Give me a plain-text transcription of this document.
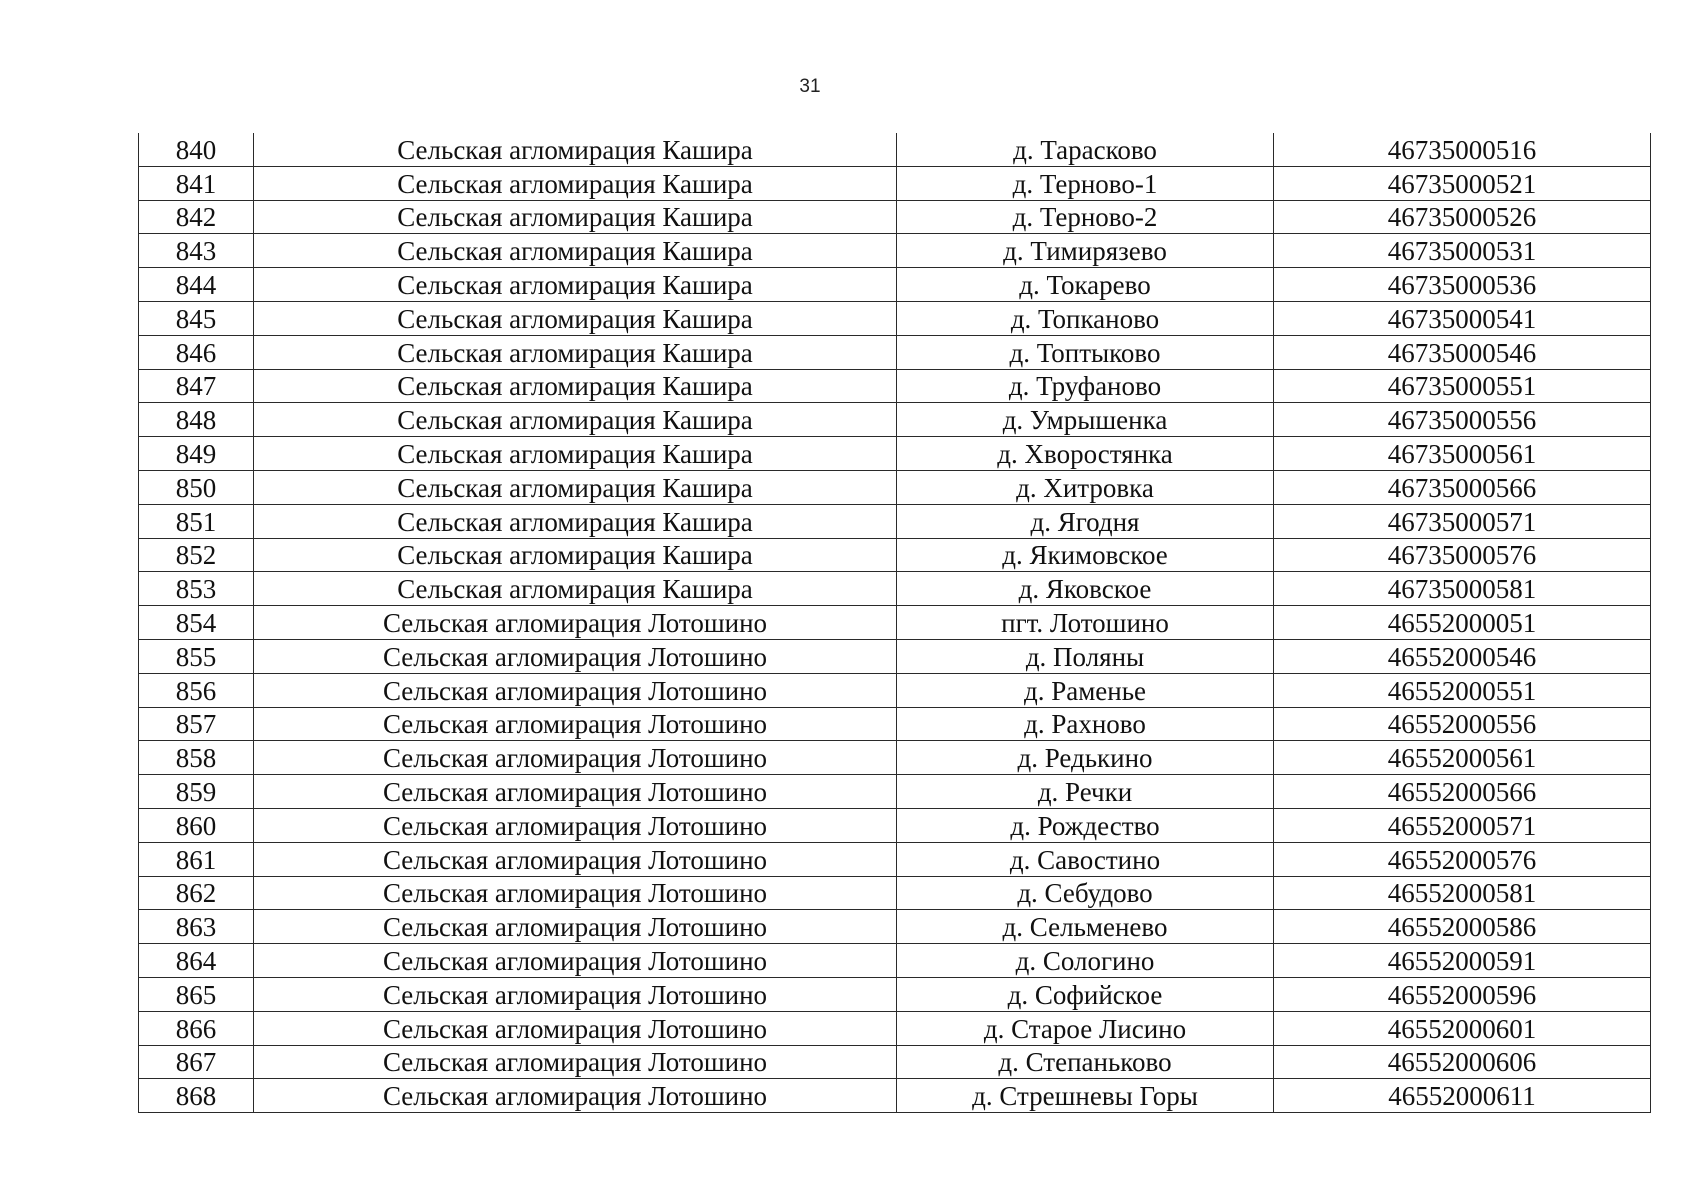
31
840	Сельская агломирация Кашира	д. Тарасково	46735000516
841	Сельская агломирация Кашира	д. Терново-1	46735000521
842	Сельская агломирация Кашира	д. Терново-2	46735000526
843	Сельская агломирация Кашира	д. Тимирязево	46735000531
844	Сельская агломирация Кашира	д. Токарево	46735000536
845	Сельская агломирация Кашира	д. Топканово	46735000541
846	Сельская агломирация Кашира	д. Топтыково	46735000546
847	Сельская агломирация Кашира	д. Труфаново	46735000551
848	Сельская агломирация Кашира	д. Умрышенка	46735000556
849	Сельская агломирация Кашира	д. Хворостянка	46735000561
850	Сельская агломирация Кашира	д. Хитровка	46735000566
851	Сельская агломирация Кашира	д. Ягодня	46735000571
852	Сельская агломирация Кашира	д. Якимовское	46735000576
853	Сельская агломирация Кашира	д. Яковское	46735000581
854	Сельская агломирация Лотошино	пгт. Лотошино	46552000051
855	Сельская агломирация Лотошино	д. Поляны	46552000546
856	Сельская агломирация Лотошино	д. Раменье	46552000551
857	Сельская агломирация Лотошино	д. Рахново	46552000556
858	Сельская агломирация Лотошино	д. Редькино	46552000561
859	Сельская агломирация Лотошино	д. Речки	46552000566
860	Сельская агломирация Лотошино	д. Рождество	46552000571
861	Сельская агломирация Лотошино	д. Савостино	46552000576
862	Сельская агломирация Лотошино	д. Себудово	46552000581
863	Сельская агломирация Лотошино	д. Сельменево	46552000586
864	Сельская агломирация Лотошино	д. Сологино	46552000591
865	Сельская агломирация Лотошино	д. Софийское	46552000596
866	Сельская агломирация Лотошино	д. Старое Лисино	46552000601
867	Сельская агломирация Лотошино	д. Степаньково	46552000606
868	Сельская агломирация Лотошино	д. Стрешневы Горы	46552000611
